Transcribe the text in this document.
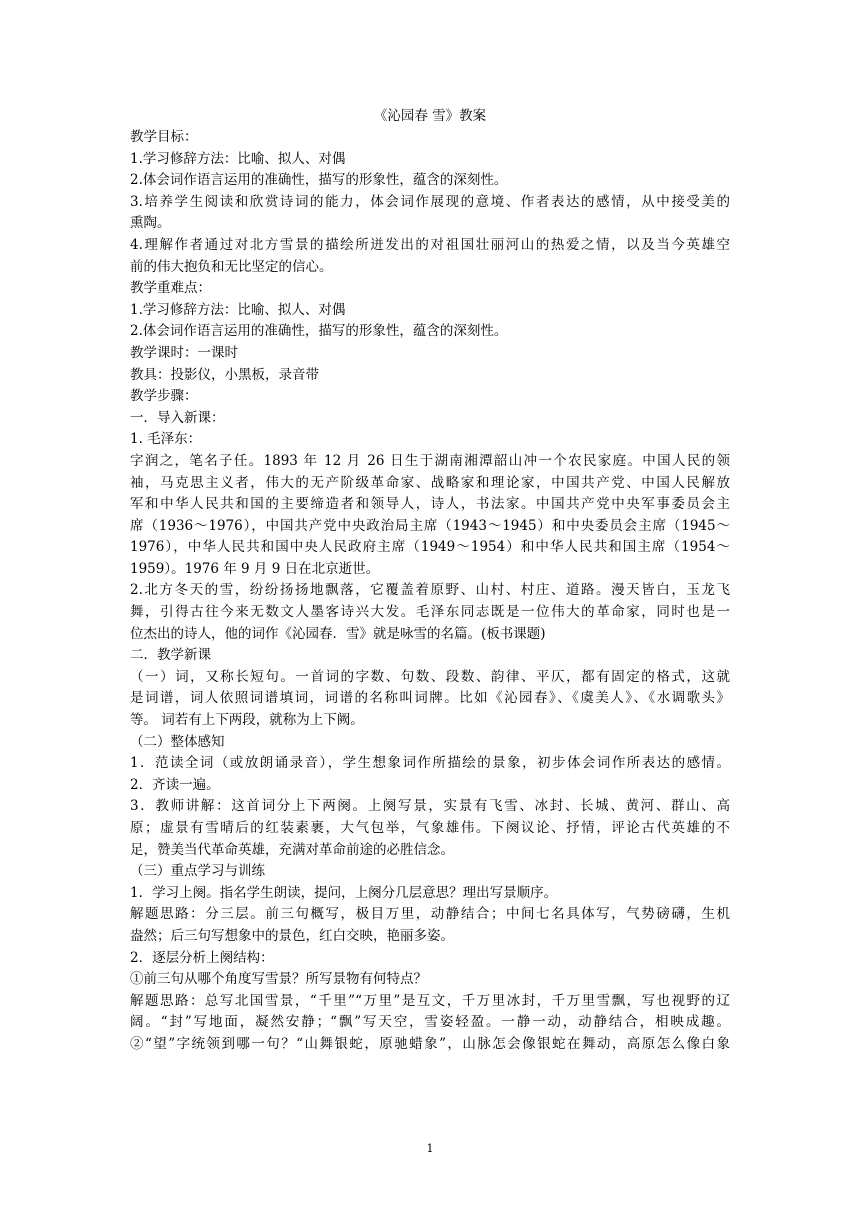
《沁园春 雪》教案
教学目标：
1.学习修辞方法：比喻、拟人、对偶
2.体会词作语言运用的准确性，描写的形象性，蕴含的深刻性。
3.培养学生阅读和欣赏诗词的能力，体会词作展现的意境、作者表达的感情，从中接受美的
熏陶。
4.理解作者通过对北方雪景的描绘所迸发出的对祖国壮丽河山的热爱之情，以及当今英雄空
前的伟大抱负和无比坚定的信心。
教学重难点：
1.学习修辞方法：比喻、拟人、对偶
2.体会词作语言运用的准确性，描写的形象性，蕴含的深刻性。
教学课时：一课时
教具：投影仪，小黑板，录音带
教学步骤：
一．导入新课：
1. 毛泽东：
字润之，笔名子任。1893 年 12 月 26 日生于湖南湘潭韶山冲一个农民家庭。中国人民的领
袖，马克思主义者，伟大的无产阶级革命家、战略家和理论家，中国共产党、中国人民解放
军和中华人民共和国的主要缔造者和领导人，诗人，书法家。中国共产党中央军事委员会主
席（1936～1976），中国共产党中央政治局主席（1943～1945）和中央委员会主席（1945～
1976），中华人民共和国中央人民政府主席（1949～1954）和中华人民共和国主席（1954～
1959）。1976 年 9 月 9 日在北京逝世。
2.北方冬天的雪，纷纷扬扬地飘落，它覆盖着原野、山村、村庄、道路。漫天皆白，玉龙飞
舞，引得古往今来无数文人墨客诗兴大发。毛泽东同志既是一位伟大的革命家，同时也是一
位杰出的诗人，他的词作《沁园春．雪》就是咏雪的名篇。(板书课题)
二．教学新课
（一）词，又称长短句。一首词的字数、句数、段数、韵律、平仄，都有固定的格式，这就
是词谱，词人依照词谱填词，词谱的名称叫词牌。比如《沁园春》、《虞美人》、《水调歌头》
等。 词若有上下两段，就称为上下阙。
（二）整体感知
1．范读全词（或放朗诵录音），学生想象词作所描绘的景象，初步体会词作所表达的感情。
2．齐读一遍。
3．教师讲解：这首词分上下两阕。上阕写景，实景有飞雪、冰封、长城、黄河、群山、高
原；虚景有雪晴后的红装素裹，大气包举，气象雄伟。下阕议论、抒情，评论古代英雄的不
足，赞美当代革命英雄，充满对革命前途的必胜信念。
（三）重点学习与训练
1．学习上阕。指名学生朗读，提问，上阕分几层意思？理出写景顺序。
解题思路：分三层。前三句概写，极目万里，动静结合；中间七名具体写，气势磅礴，生机
盎然；后三句写想象中的景色，红白交映，艳丽多姿。
2．逐层分析上阕结构：
①前三句从哪个角度写雪景？所写景物有何特点？
解题思路：总写北国雪景，“千里”“万里”是互文，千万里冰封，千万里雪飘，写也视野的辽
阔。“封”写地面，凝然安静；“飘”写天空，雪姿轻盈。一静一动，动静结合，相映成趣。
②“望”字统领到哪一句？“山舞银蛇，原驰蜡象”，山脉怎会像银蛇在舞动，高原怎么像白象
1
